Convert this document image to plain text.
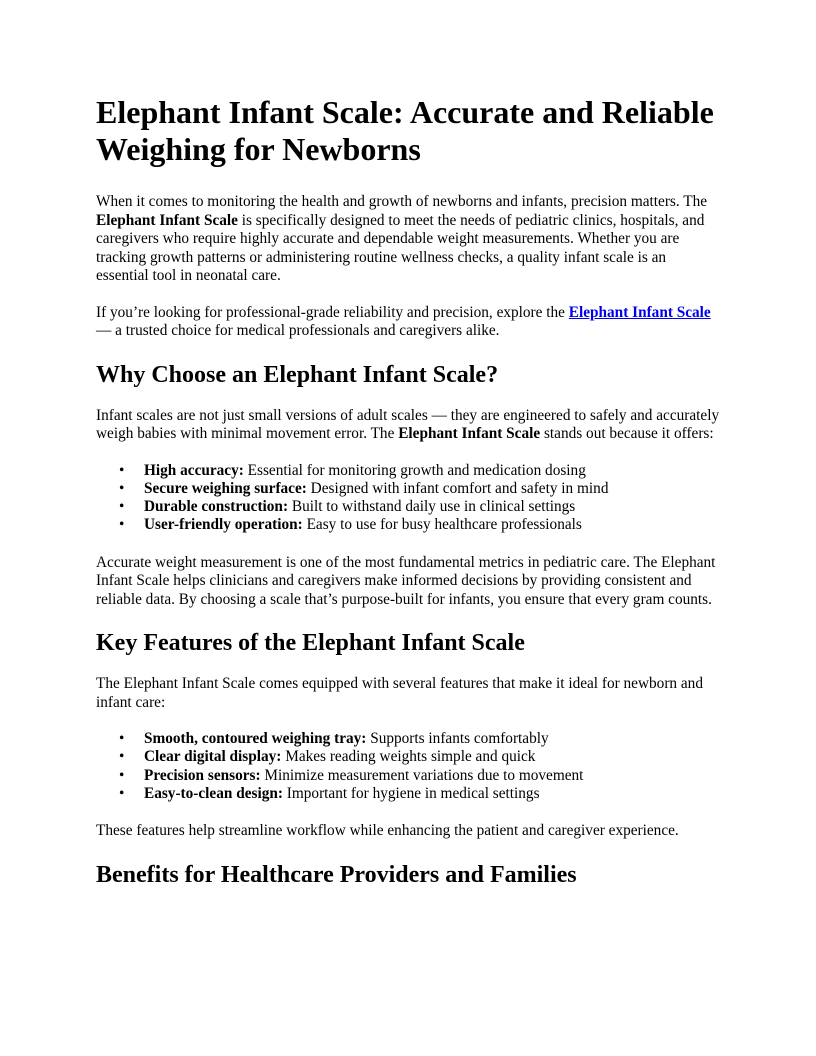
Elephant Infant Scale: Accurate and Reliable Weighing for Newborns

When it comes to monitoring the health and growth of newborns and infants, precision matters. The Elephant Infant Scale is specifically designed to meet the needs of pediatric clinics, hospitals, and caregivers who require highly accurate and dependable weight measurements. Whether you are tracking growth patterns or administering routine wellness checks, a quality infant scale is an essential tool in neonatal care.

If you’re looking for professional-grade reliability and precision, explore the Elephant Infant Scale — a trusted choice for medical professionals and caregivers alike.

Why Choose an Elephant Infant Scale?

Infant scales are not just small versions of adult scales — they are engineered to safely and accurately weigh babies with minimal movement error. The Elephant Infant Scale stands out because it offers:

• High accuracy: Essential for monitoring growth and medication dosing
• Secure weighing surface: Designed with infant comfort and safety in mind
• Durable construction: Built to withstand daily use in clinical settings
• User-friendly operation: Easy to use for busy healthcare professionals

Accurate weight measurement is one of the most fundamental metrics in pediatric care. The Elephant Infant Scale helps clinicians and caregivers make informed decisions by providing consistent and reliable data. By choosing a scale that’s purpose-built for infants, you ensure that every gram counts.

Key Features of the Elephant Infant Scale

The Elephant Infant Scale comes equipped with several features that make it ideal for newborn and infant care:

• Smooth, contoured weighing tray: Supports infants comfortably
• Clear digital display: Makes reading weights simple and quick
• Precision sensors: Minimize measurement variations due to movement
• Easy-to-clean design: Important for hygiene in medical settings

These features help streamline workflow while enhancing the patient and caregiver experience.

Benefits for Healthcare Providers and Families
